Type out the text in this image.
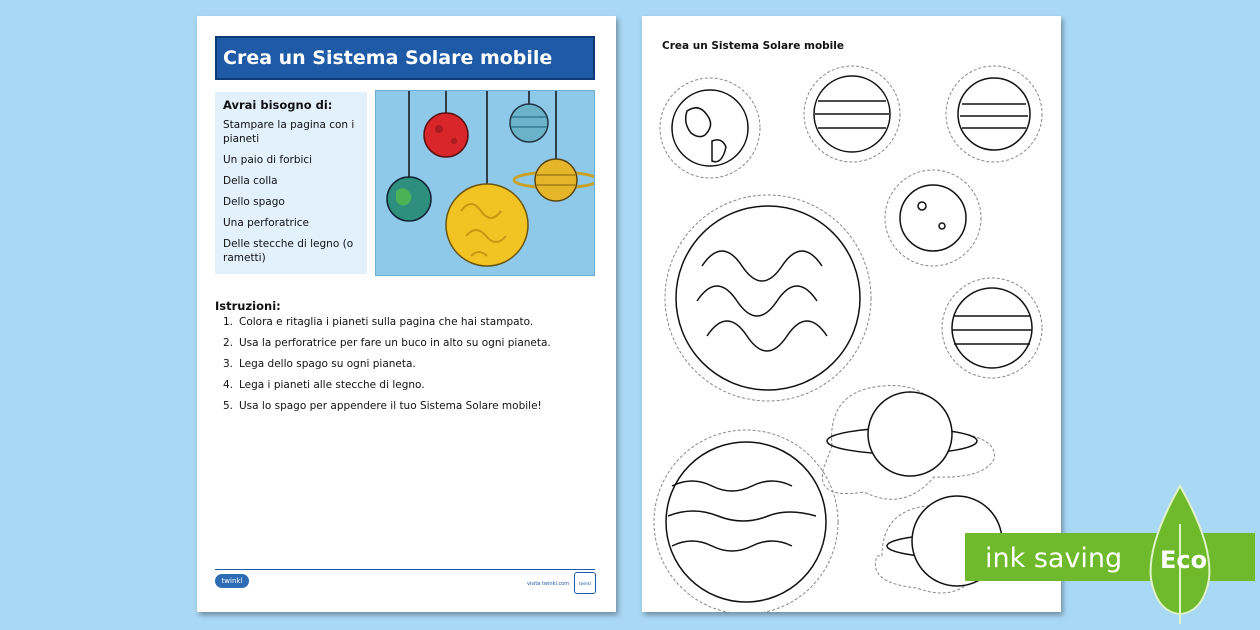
Crea un Sistema Solare mobile
Avrai bisogno di:
Stampare la pagina con i pianeti
Un paio di forbici
Della colla
Dello spago
Una perforatrice
Delle stecche di legno (o rametti)
Istruzioni:
1. Colora e ritaglia i pianeti sulla pagina che hai stampato.
2. Usa la perforatrice per fare un buco in alto su ogni pianeta.
3. Lega dello spago su ogni pianeta.
4. Lega i pianeti alle stecche di legno.
5. Usa lo spago per appendere il tuo Sistema Solare mobile!
twinkl	visita twinkl.com	twinkl
Crea un Sistema Solare mobile
ink saving Eco
